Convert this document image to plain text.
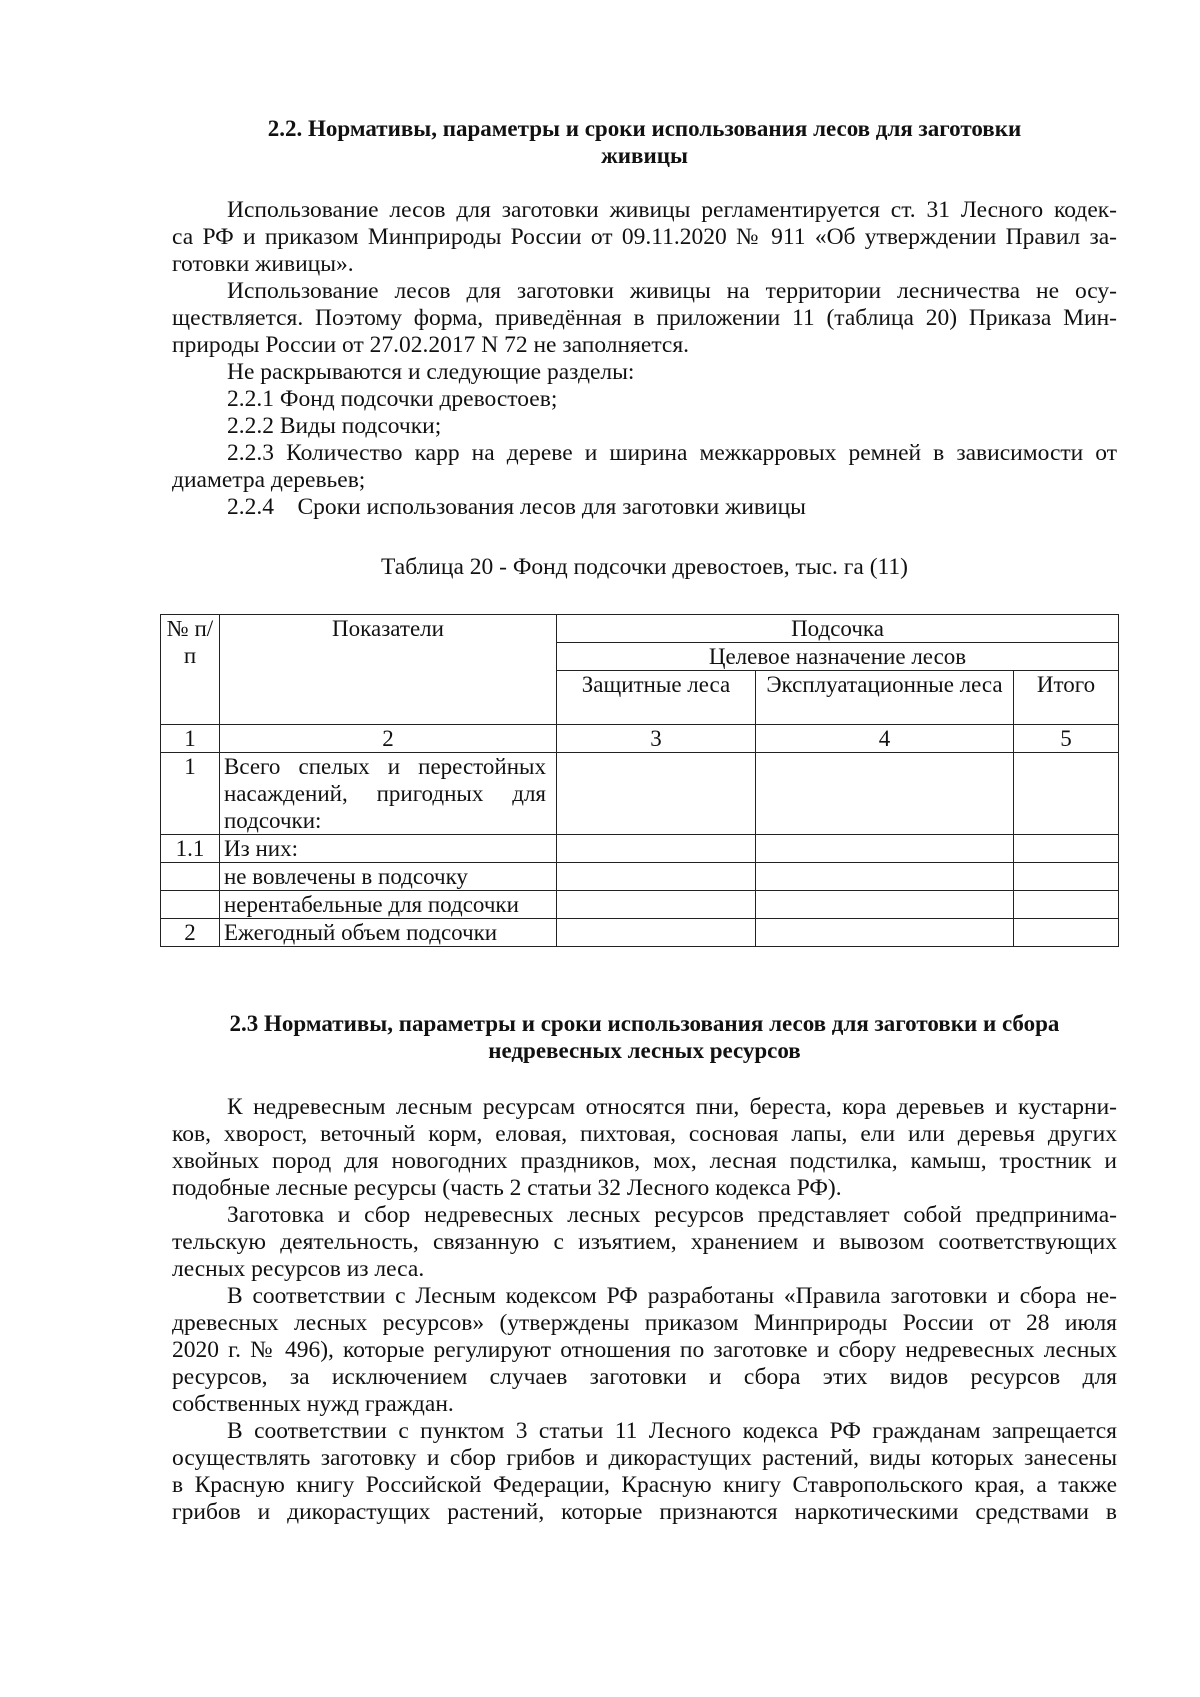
2.2. Нормативы, параметры и сроки использования лесов для заготовки
живицы
Использование лесов для заготовки живицы регламентируется ст. 31 Лесного кодек-
са РФ и приказом Минприроды России от 09.11.2020 № 911 «Об утверждении Правил за-
готовки живицы».
Использование лесов для заготовки живицы на территории лесничества не осу-
ществляется. Поэтому форма, приведённая в приложении 11 (таблица 20) Приказа Мин-
природы России от 27.02.2017 N 72 не заполняется.
Не раскрываются и следующие разделы:
2.2.1 Фонд подсочки древостоев;
2.2.2 Виды подсочки;
2.2.3 Количество карр на дереве и ширина межкарровых ремней в зависимости от
диаметра деревьев;
2.2.4    Сроки использования лесов для заготовки живицы
Таблица 20 - Фонд подсочки древостоев, тыс. га (11)
№ п/п	Показатели	Подсочка		
		Целевое назначение лесов		
		Защитные леса	Эксплуатационные леса	Итого
1	2	3	4	5
1	Всего спелых и перестойных насаждений, пригодных для подсочки:			

1.1	Из них:			
	не вовлечены в подсочку			
	нерентабельные для подсочки			
2	Ежегодный объем подсочки			
2.3 Нормативы, параметры и сроки использования лесов для заготовки и сбора
недревесных лесных ресурсов
К недревесным лесным ресурсам относятся пни, береста, кора деревьев и кустарни-
ков, хворост, веточный корм, еловая, пихтовая, сосновая лапы, ели или деревья других
хвойных пород для новогодних праздников, мох, лесная подстилка, камыш, тростник и
подобные лесные ресурсы (часть 2 статьи 32 Лесного кодекса РФ).
Заготовка и сбор недревесных лесных ресурсов представляет собой предпринима-
тельскую деятельность, связанную с изъятием, хранением и вывозом соответствующих
лесных ресурсов из леса.
В соответствии с Лесным кодексом РФ разработаны «Правила заготовки и сбора не-
древесных лесных ресурсов» (утверждены приказом Минприроды России от 28 июля
2020 г. № 496), которые регулируют отношения по заготовке и сбору недревесных лесных
ресурсов, за исключением случаев заготовки и сбора этих видов ресурсов для
собственных нужд граждан.
В соответствии с пунктом 3 статьи 11 Лесного кодекса РФ гражданам запрещается
осуществлять заготовку и сбор грибов и дикорастущих растений, виды которых занесены
в Красную книгу Российской Федерации, Красную книгу Ставропольского края, а также
грибов и дикорастущих растений, которые признаются наркотическими средствами в
